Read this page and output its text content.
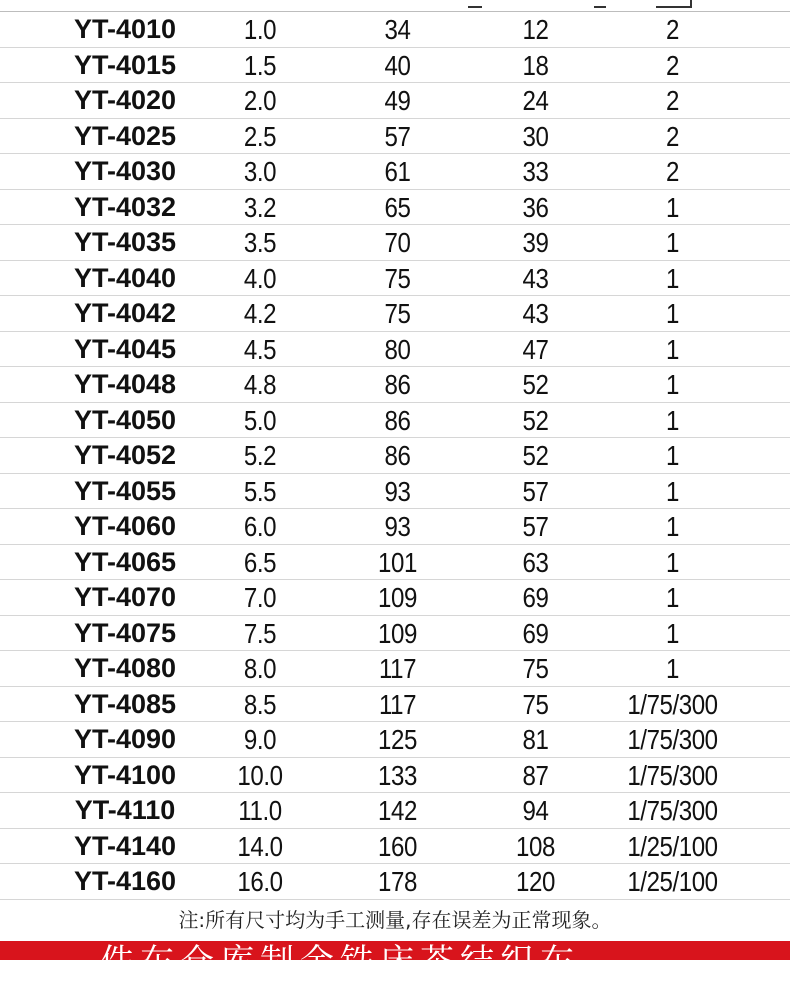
YT-4010	1.0	34	12	2
YT-4015	1.5	40	18	2
YT-4020	2.0	49	24	2
YT-4025	2.5	57	30	2
YT-4030	3.0	61	33	2
YT-4032	3.2	65	36	1
YT-4035	3.5	70	39	1
YT-4040	4.0	75	43	1
YT-4042	4.2	75	43	1
YT-4045	4.5	80	47	1
YT-4048	4.8	86	52	1
YT-4050	5.0	86	52	1
YT-4052	5.2	86	52	1
YT-4055	5.5	93	57	1
YT-4060	6.0	93	57	1
YT-4065	6.5	101	63	1
YT-4070	7.0	109	69	1
YT-4075	7.5	109	69	1
YT-4080	8.0	117	75	1
YT-4085	8.5	117	75	1/75/300
YT-4090	9.0	125	81	1/75/300
YT-4100	10.0	133	87	1/75/300
YT-4110	11.0	142	94	1/75/300
YT-4140	14.0	160	108	1/25/100
YT-4160	16.0	178	120	1/25/100
注:所有尺寸均为手工测量,存在误差为正常现象。
、件东仓库制金铁床茶结织东
